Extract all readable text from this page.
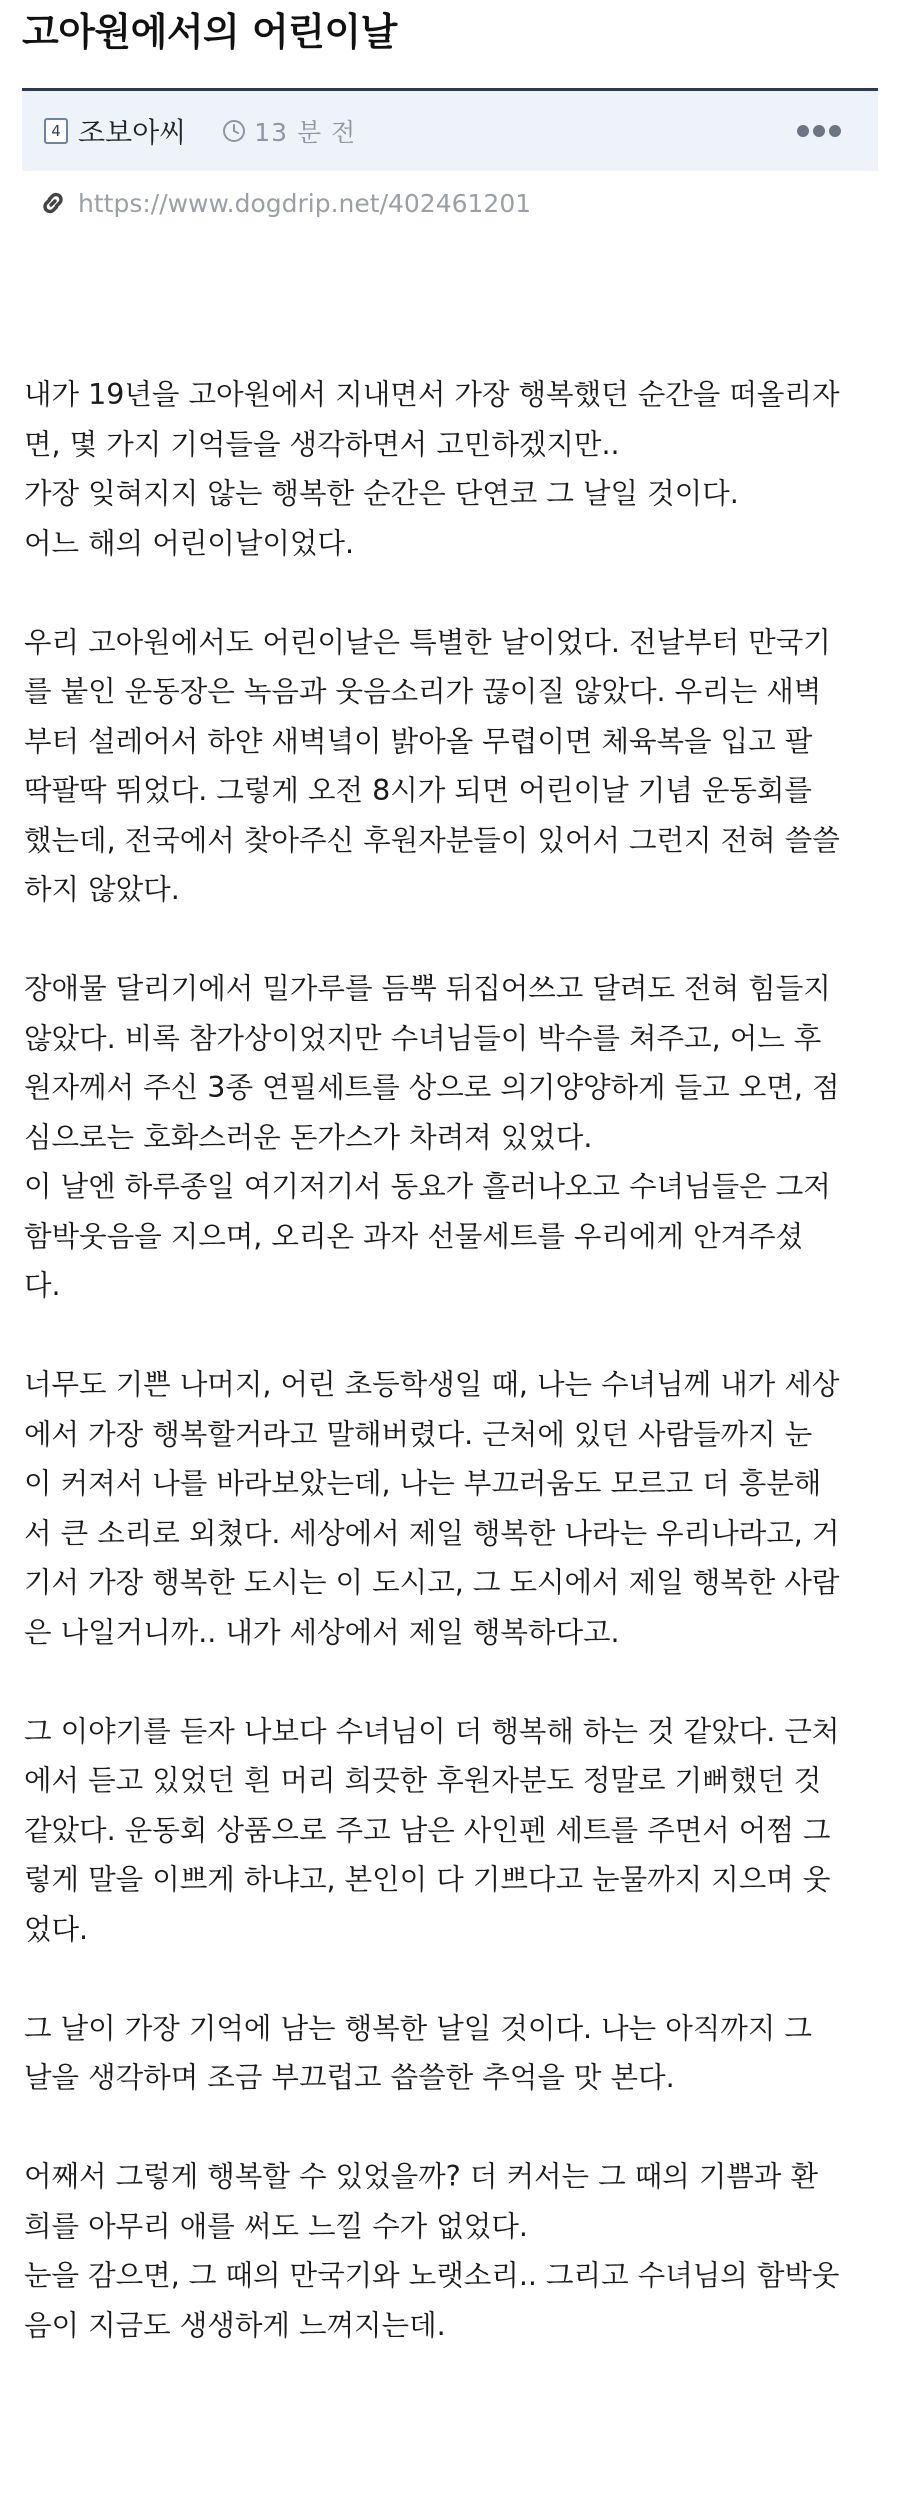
고아원에서의 어린이날
4 조보아씨	13 분 전
https://www.dogdrip.net/402461201

내가 19년을 고아원에서 지내면서 가장 행복했던 순간을 떠올리자
면, 몇 가지 기억들을 생각하면서 고민하겠지만..
가장 잊혀지지 않는 행복한 순간은 단연코 그 날일 것이다.
어느 해의 어린이날이었다.

우리 고아원에서도 어린이날은 특별한 날이었다. 전날부터 만국기
를 붙인 운동장은 녹음과 웃음소리가 끊이질 않았다. 우리는 새벽
부터 설레어서 하얀 새벽녘이 밝아올 무렵이면 체육복을 입고 팔
딱팔딱 뛰었다. 그렇게 오전 8시가 되면 어린이날 기념 운동회를
했는데, 전국에서 찾아주신 후원자분들이 있어서 그런지 전혀 쓸쓸
하지 않았다.

장애물 달리기에서 밀가루를 듬뿍 뒤집어쓰고 달려도 전혀 힘들지
않았다. 비록 참가상이었지만 수녀님들이 박수를 쳐주고, 어느 후
원자께서 주신 3종 연필세트를 상으로 의기양양하게 들고 오면, 점
심으로는 호화스러운 돈가스가 차려져 있었다.
이 날엔 하루종일 여기저기서 동요가 흘러나오고 수녀님들은 그저
함박웃음을 지으며, 오리온 과자 선물세트를 우리에게 안겨주셨
다.

너무도 기쁜 나머지, 어린 초등학생일 때, 나는 수녀님께 내가 세상
에서 가장 행복할거라고 말해버렸다. 근처에 있던 사람들까지 눈
이 커져서 나를 바라보았는데, 나는 부끄러움도 모르고 더 흥분해
서 큰 소리로 외쳤다. 세상에서 제일 행복한 나라는 우리나라고, 거
기서 가장 행복한 도시는 이 도시고, 그 도시에서 제일 행복한 사람
은 나일거니까.. 내가 세상에서 제일 행복하다고.

그 이야기를 듣자 나보다 수녀님이 더 행복해 하는 것 같았다. 근처
에서 듣고 있었던 흰 머리 희끗한 후원자분도 정말로 기뻐했던 것
같았다. 운동회 상품으로 주고 남은 사인펜 세트를 주면서 어쩜 그
렇게 말을 이쁘게 하냐고, 본인이 다 기쁘다고 눈물까지 지으며 웃
었다.

그 날이 가장 기억에 남는 행복한 날일 것이다. 나는 아직까지 그
날을 생각하며 조금 부끄럽고 씁쓸한 추억을 맛 본다.

어째서 그렇게 행복할 수 있었을까? 더 커서는 그 때의 기쁨과 환
희를 아무리 애를 써도 느낄 수가 없었다.
눈을 감으면, 그 때의 만국기와 노랫소리.. 그리고 수녀님의 함박웃
음이 지금도 생생하게 느껴지는데.
